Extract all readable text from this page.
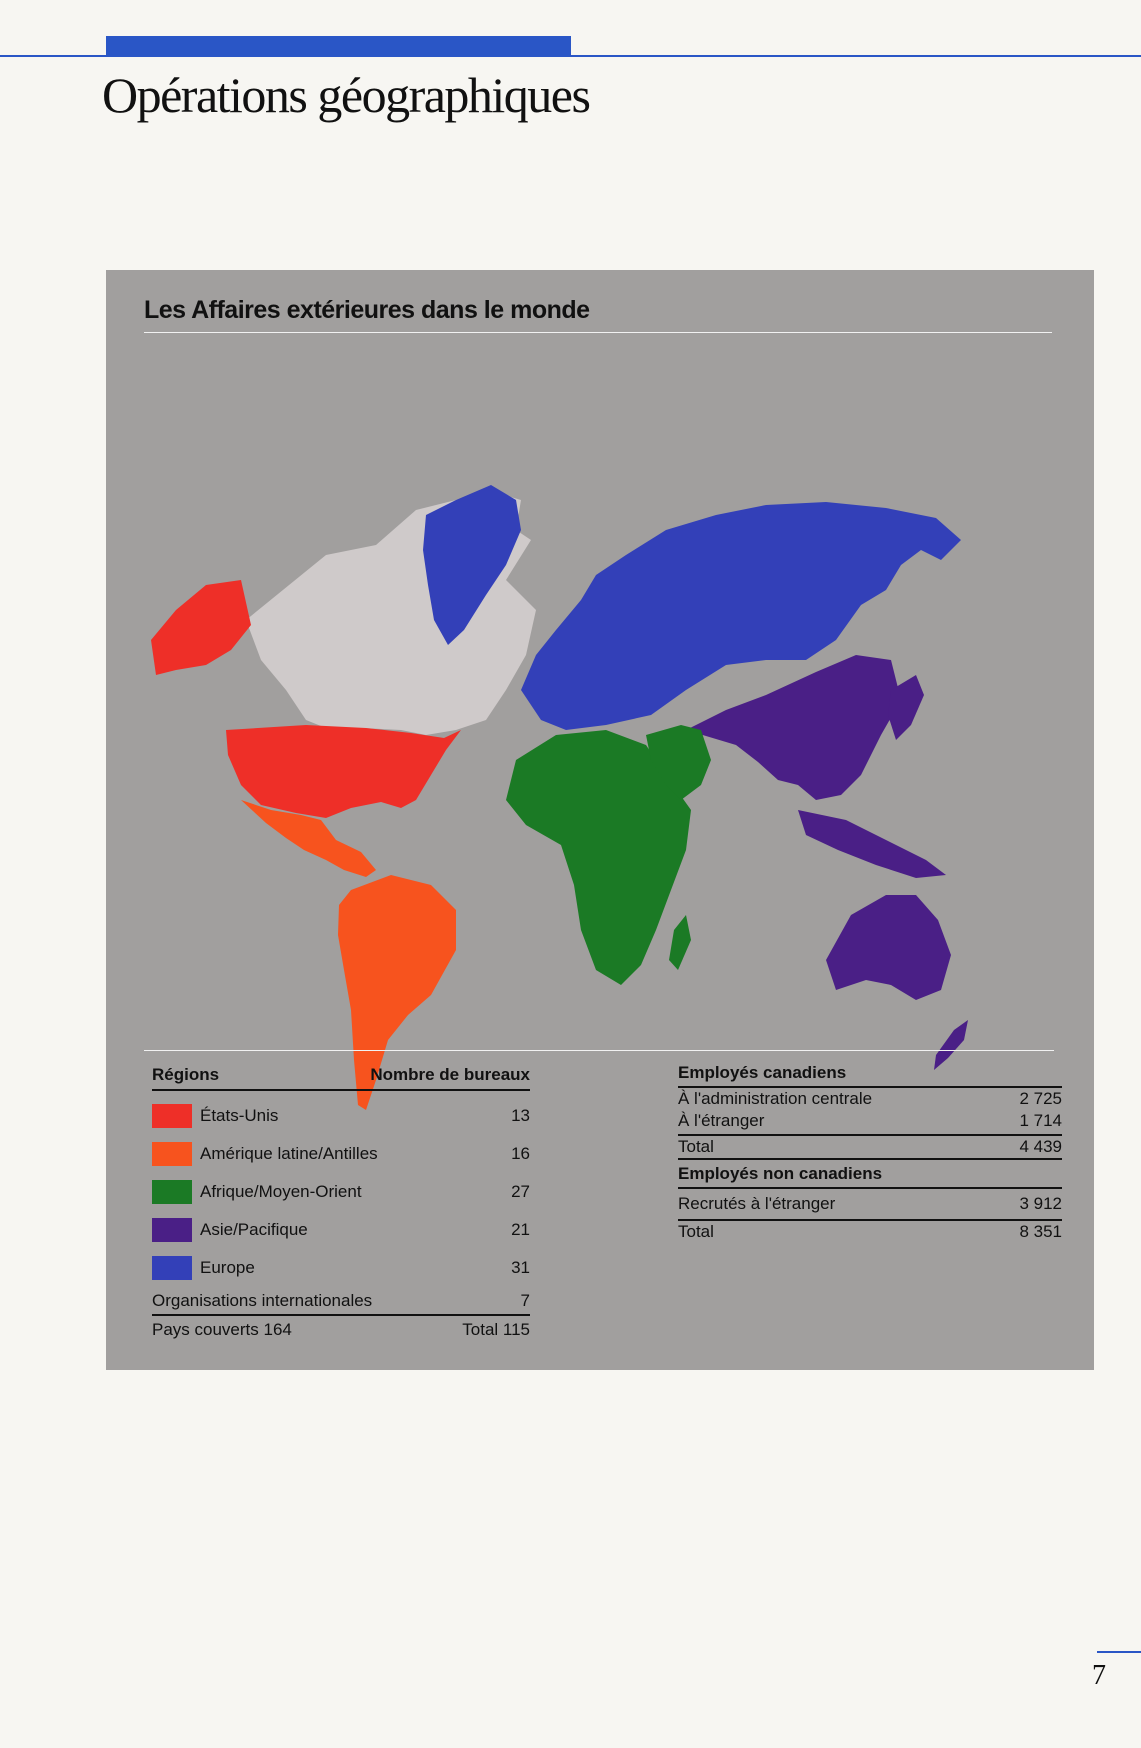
Opérations géographiques
Les Affaires extérieures dans le monde
Régions	Nombre de bureaux
États-Unis	13
Amérique latine/Antilles	16
Afrique/Moyen-Orient	27
Asie/Pacifique	21
Europe	31
Organisations internationales	7
Pays couverts 164	Total 115
Employés canadiens
À l'administration centrale	2 725
À l'étranger	1 714
Total	4 439
Employés non canadiens
Recrutés à l'étranger	3 912
Total	8 351
7
